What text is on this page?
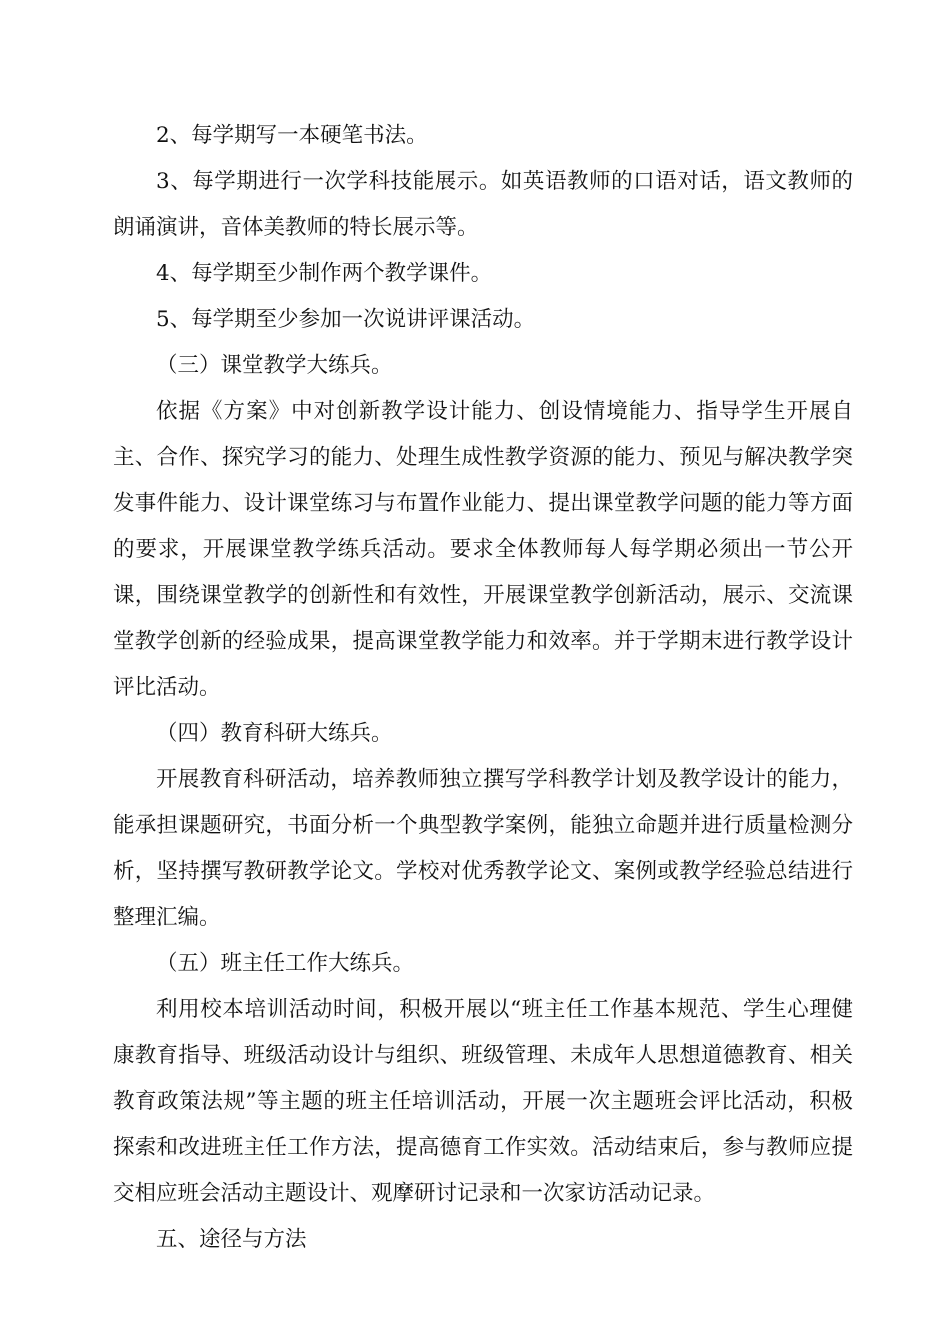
2、每学期写一本硬笔书法。

3、每学期进行一次学科技能展示。如英语教师的口语对话，语文教师的朗诵演讲，音体美教师的特长展示等。

4、每学期至少制作两个教学课件。

5、每学期至少参加一次说讲评课活动。

（三）课堂教学大练兵。

依据《方案》中对创新教学设计能力、创设情境能力、指导学生开展自主、合作、探究学习的能力、处理生成性教学资源的能力、预见与解决教学突发事件能力、设计课堂练习与布置作业能力、提出课堂教学问题的能力等方面的要求，开展课堂教学练兵活动。要求全体教师每人每学期必须出一节公开课，围绕课堂教学的创新性和有效性，开展课堂教学创新活动，展示、交流课堂教学创新的经验成果，提高课堂教学能力和效率。并于学期末进行教学设计评比活动。

（四）教育科研大练兵。

开展教育科研活动，培养教师独立撰写学科教学计划及教学设计的能力，能承担课题研究，书面分析一个典型教学案例，能独立命题并进行质量检测分析，坚持撰写教研教学论文。学校对优秀教学论文、案例或教学经验总结进行整理汇编。

（五）班主任工作大练兵。

利用校本培训活动时间，积极开展以“班主任工作基本规范、学生心理健康教育指导、班级活动设计与组织、班级管理、未成年人思想道德教育、相关教育政策法规”等主题的班主任培训活动，开展一次主题班会评比活动，积极探索和改进班主任工作方法，提高德育工作实效。活动结束后，参与教师应提交相应班会活动主题设计、观摩研讨记录和一次家访活动记录。

五、途径与方法
